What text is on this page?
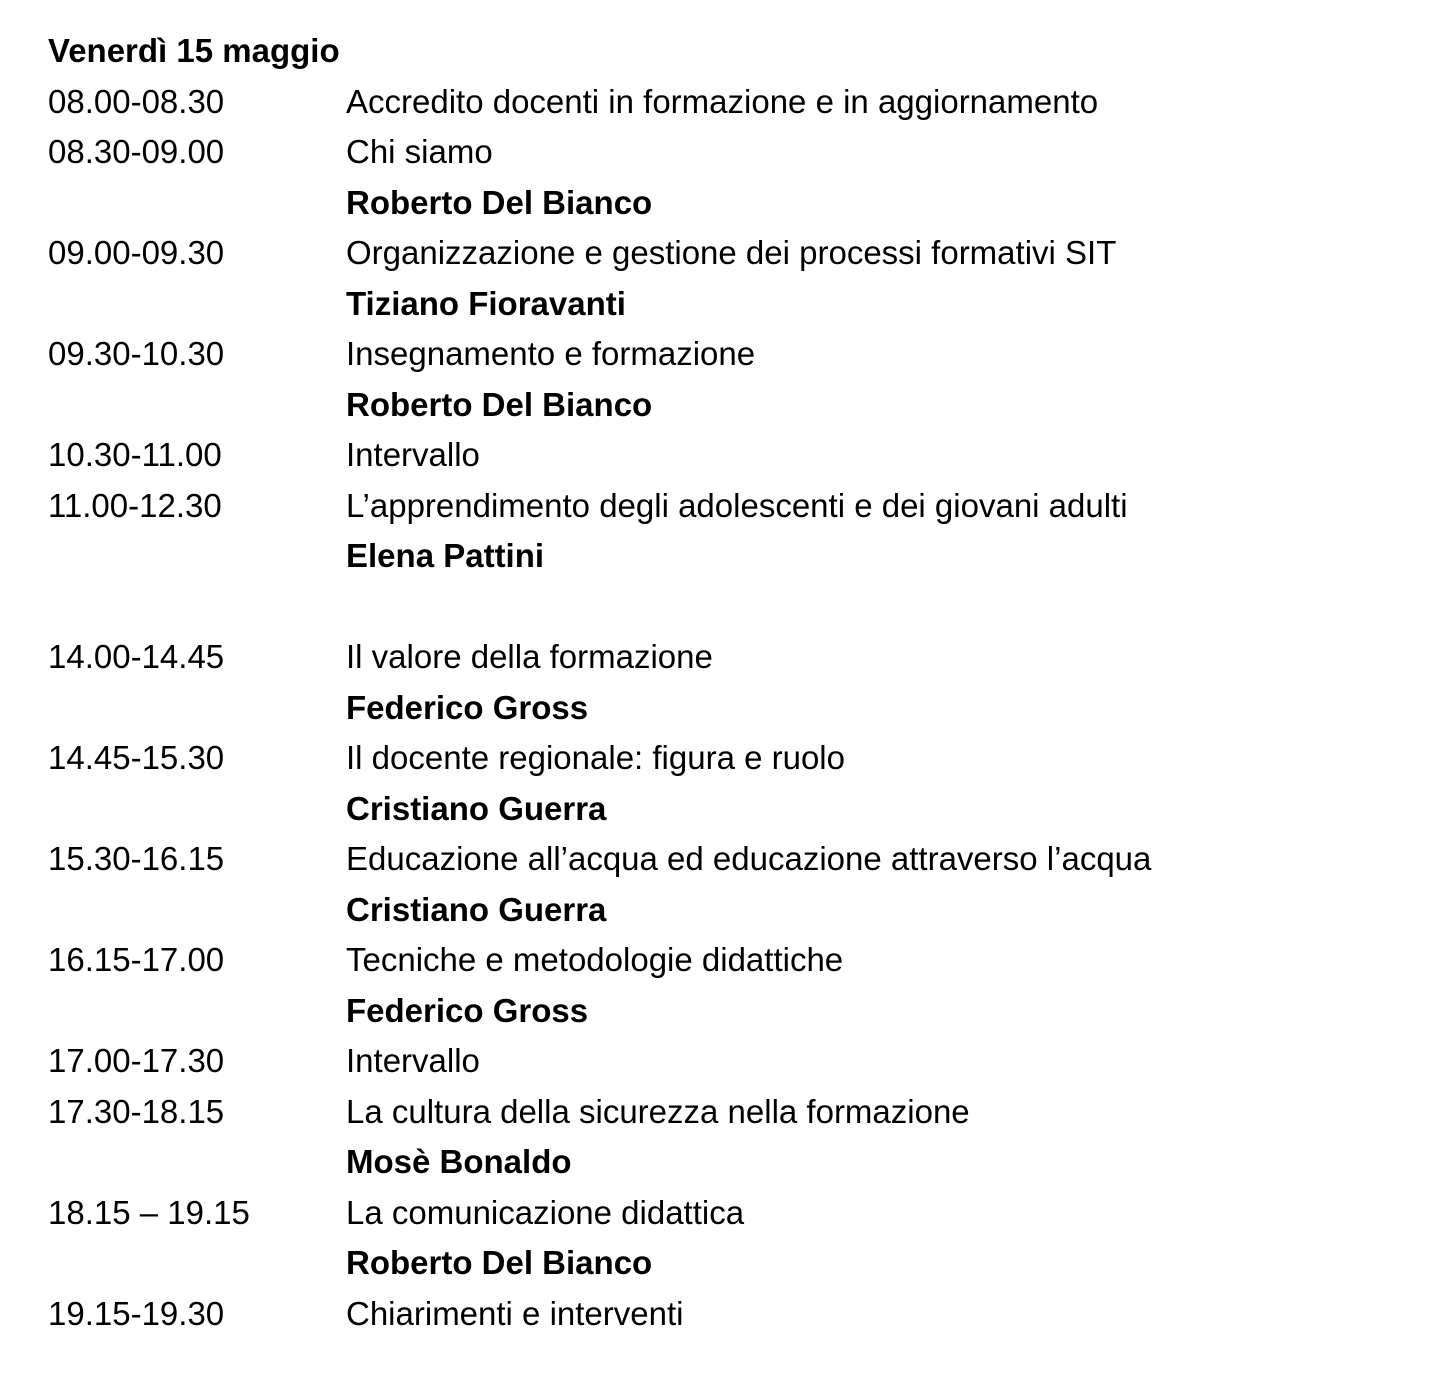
Venerdì 15 maggio
08.00-08.30	Accredito docenti in formazione e in aggiornamento
08.30-09.00	Chi siamo
Roberto Del Bianco
09.00-09.30	Organizzazione e gestione dei processi formativi SIT
Tiziano Fioravanti
09.30-10.30	Insegnamento e formazione
Roberto Del Bianco
10.30-11.00	Intervallo
11.00-12.30	L’apprendimento degli adolescenti e dei giovani adulti
Elena Pattini
14.00-14.45	Il valore della formazione
Federico Gross
14.45-15.30	Il docente regionale: figura e ruolo
Cristiano Guerra
15.30-16.15	Educazione all’acqua ed educazione attraverso l’acqua
Cristiano Guerra
16.15-17.00	Tecniche e metodologie didattiche
Federico Gross
17.00-17.30	Intervallo
17.30-18.15	La cultura della sicurezza nella formazione
Mosè Bonaldo
18.15 – 19.15	La comunicazione didattica
Roberto Del Bianco
19.15-19.30	Chiarimenti e interventi
